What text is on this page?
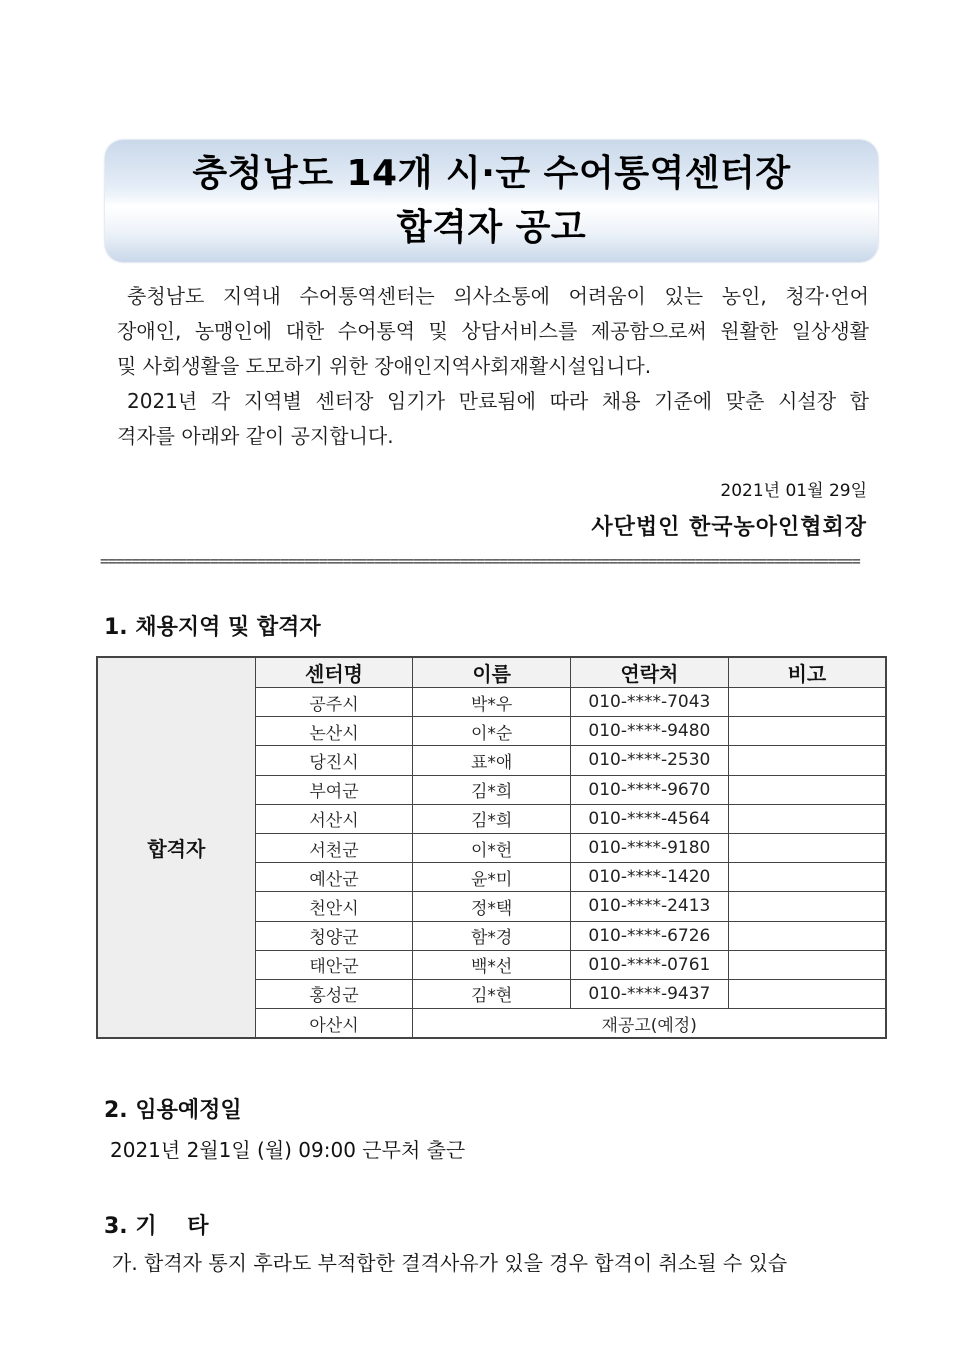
충청남도 14개 시·군 수어통역센터장
합격자 공고

충청남도 지역내 수어통역센터는 의사소통에 어려움이 있는 농인, 청각·언어

장애인, 농맹인에 대한 수어통역 및 상담서비스를 제공함으로써 원활한 일상생활

및 사회생활을 도모하기 위한 장애인지역사회재활시설입니다.

2021년 각 지역별 센터장 임기가 만료됨에 따라 채용 기준에 맞춘 시설장 합

격자를 아래와 같이 공지합니다.

2021년 01월 29일
사단법인 한국농아인협회장
=================================================================================================
1. 채용지역 및 합격자
합격자	센터명	이름	연락처	비고
	공주시	박*우	010-****-7043	
	논산시	이*순	010-****-9480	
	당진시	표*애	010-****-2530	
	부여군	김*희	010-****-9670	
	서산시	김*희	010-****-4564	
	서천군	이*헌	010-****-9180	
	예산군	윤*미	010-****-1420	
	천안시	정*택	010-****-2413	
	청양군	함*경	010-****-6726	
	태안군	백*선	010-****-0761	
	홍성군	김*현	010-****-9437	
	아산시	재공고(예정)		
2. 임용예정일
2021년 2월1일 (월) 09:00 근무처 출근
3. 기    타
가. 합격자 통지 후라도 부적합한 결격사유가 있을 경우 합격이 취소될 수 있습
